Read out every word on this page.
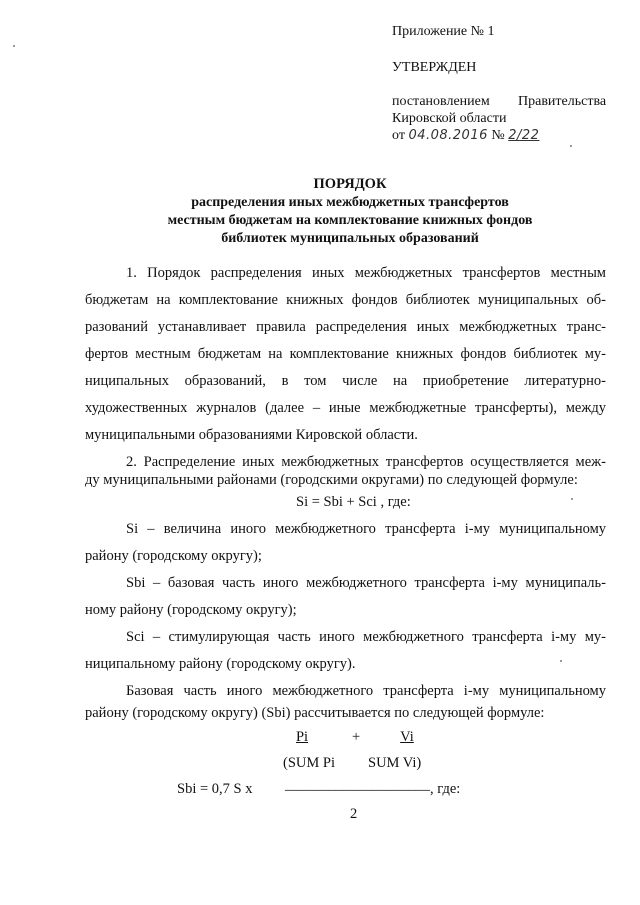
Приложение № 1
УТВЕРЖДЕН
постановлением Правительства
Кировской области
от 04.08.2016 № 2/22
ПОРЯДОК
распределения иных межбюджетных трансфертов
местным бюджетам на комплектование книжных фондов
библиотек муниципальных образований
1. Порядок распределения иных межбюджетных трансфертов местным
бюджетам на комплектование книжных фондов библиотек муниципальных об-
разований устанавливает правила распределения иных межбюджетных транс-
фертов местным бюджетам на комплектование книжных фондов библиотек му-
ниципальных образований, в том числе на приобретение литературно-
художественных журналов (далее – иные межбюджетные трансферты), между
муниципальными образованиями Кировской области.
2. Распределение иных межбюджетных трансфертов осуществляется меж-
ду муниципальными районами (городскими округами) по следующей формуле:
Si = Sbi + Sci , где:
Si – величина иного межбюджетного трансферта i-му муниципальному
району (городскому округу);
Sbi – базовая часть иного межбюджетного трансферта i-му муниципаль-
ному району (городскому округу);
Sci – стимулирующая часть иного межбюджетного трансферта i-му му-
ниципальному району (городскому округу).
Базовая часть иного межбюджетного трансферта i-му муниципальному
району (городскому округу) (Sbi) рассчитывается по следующей формуле:
Pi	+	Vi
(SUM Pi SUM Vi)
Sbi = 0,7 S x ____________________ , где:
2
